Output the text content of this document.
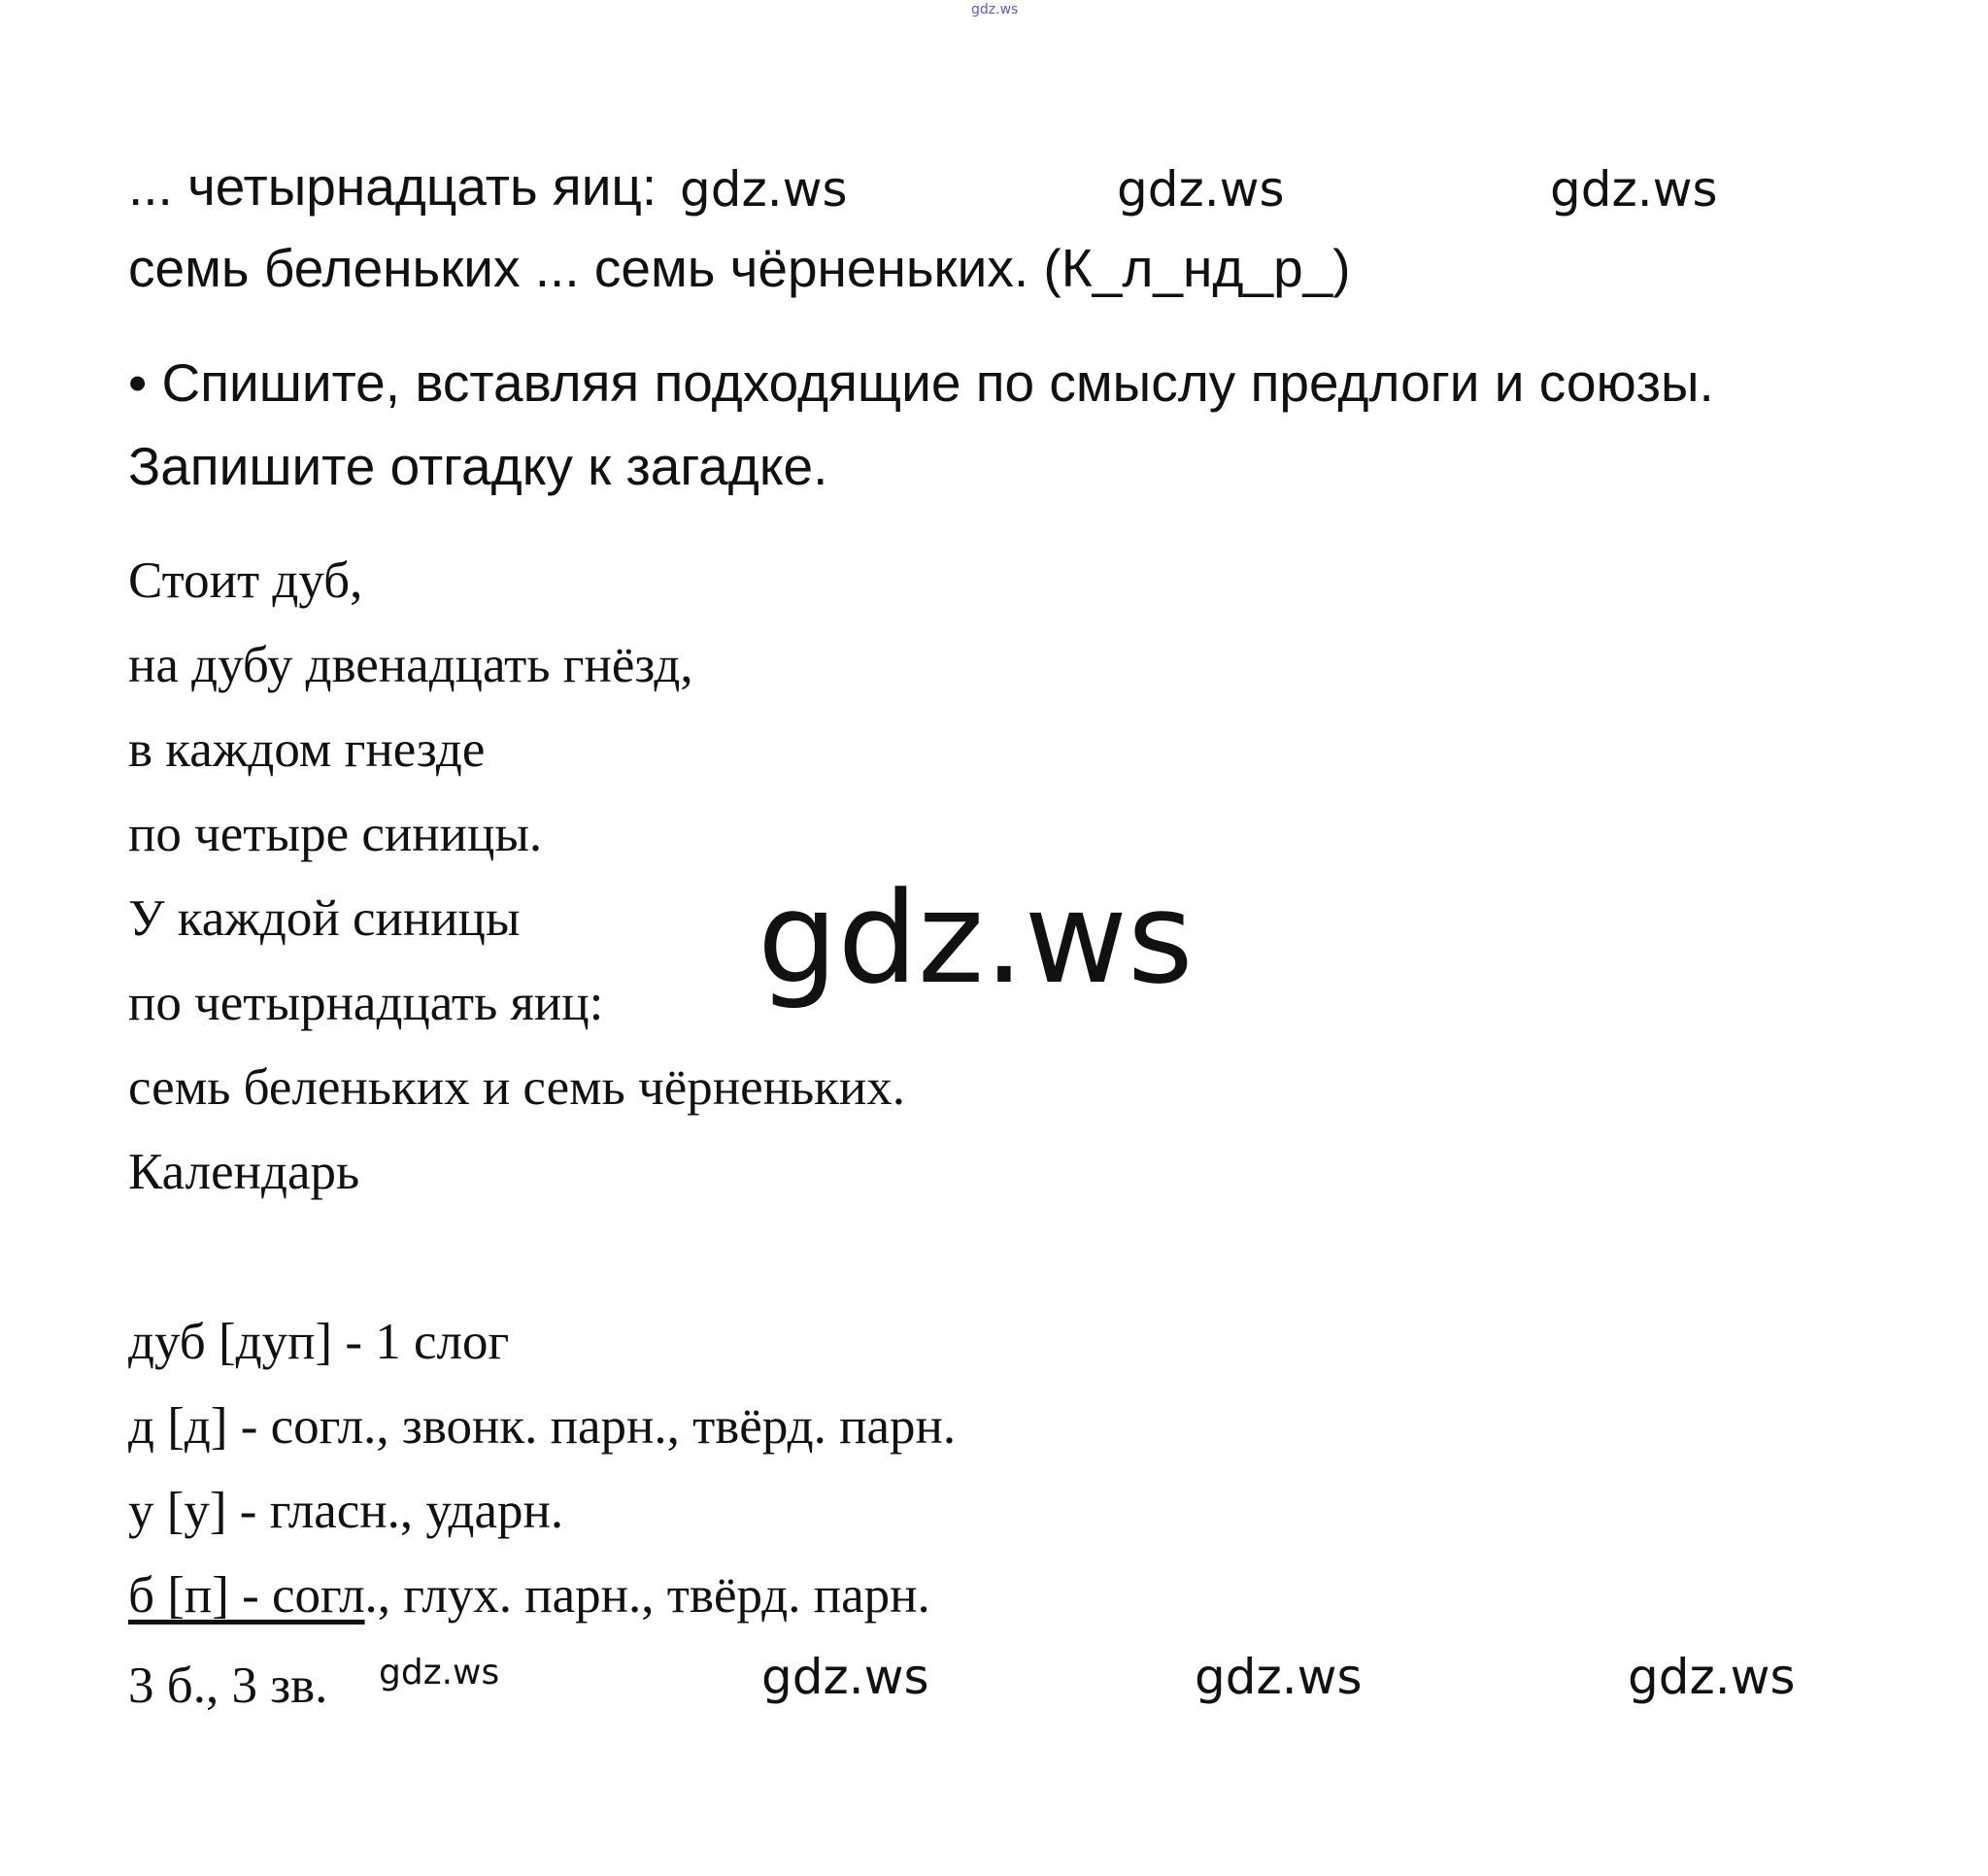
gdz.ws
... четырнадцать яиц: gdz.ws	gdz.ws	gdz.ws
семь беленьких ... семь чёрненьких. (К_л_нд_р_)
• Спишите, вставляя подходящие по смыслу предлоги и союзы.
Запишите отгадку к загадке.
Стоит дуб,
на дубу двенадцать гнёзд,
в каждом гнезде
по четыре синицы.
У каждой синицы
по четырнадцать яиц:
семь беленьких и семь чёрненьких.
Календарь
gdz.ws
дуб [дуп] - 1 слог
д [д] - согл., звонк. парн., твёрд. парн.
у [у] - гласн., ударн.
б [п] - согл., глух. парн., твёрд. парн.
3 б., 3 зв. gdz.ws	gdz.ws	gdz.ws	gdz.ws
